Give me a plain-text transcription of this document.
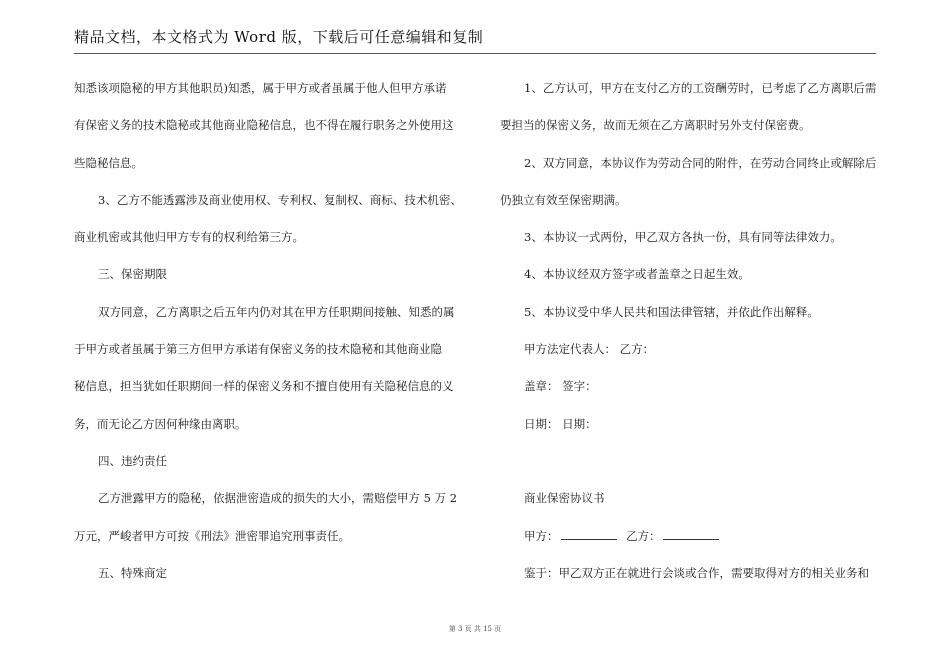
精品文档，本文格式为 Word 版，下载后可任意编辑和复制

知悉该项隐秘的甲方其他职员)知悉，属于甲方或者虽属于他人但甲方承诺

有保密义务的技术隐秘或其他商业隐秘信息，也不得在履行职务之外使用这

些隐秘信息。

3、乙方不能透露涉及商业使用权、专利权、复制权、商标、技术机密、

商业机密或其他归甲方专有的权利给第三方。

三、保密期限

双方同意，乙方离职之后五年内仍对其在甲方任职期间接触、知悉的属

于甲方或者虽属于第三方但甲方承诺有保密义务的技术隐秘和其他商业隐

秘信息，担当犹如任职期间一样的保密义务和不擅自使用有关隐秘信息的义

务，而无论乙方因何种缘由离职。

四、违约责任

乙方泄露甲方的隐秘，依据泄密造成的损失的大小，需赔偿甲方 5 万 2

万元，严峻者甲方可按《刑法》泄密罪追究刑事责任。

五、特殊商定

1、乙方认可，甲方在支付乙方的工资酬劳时，已考虑了乙方离职后需

要担当的保密义务，故而无须在乙方离职时另外支付保密费。

2、双方同意，本协议作为劳动合同的附件，在劳动合同终止或解除后

仍独立有效至保密期满。

3、本协议一式两份，甲乙双方各执一份，具有同等法律效力。

4、本协议经双方签字或者盖章之日起生效。

5、本协议受中华人民共和国法律管辖，并依此作出解释。

甲方法定代表人： 乙方：

盖章： 签字：

日期： 日期：

商业保密协议书

甲方：	乙方：

鉴于：甲乙双方正在就进行会谈或合作，需要取得对方的相关业务和

第 3 页 共 15 页
